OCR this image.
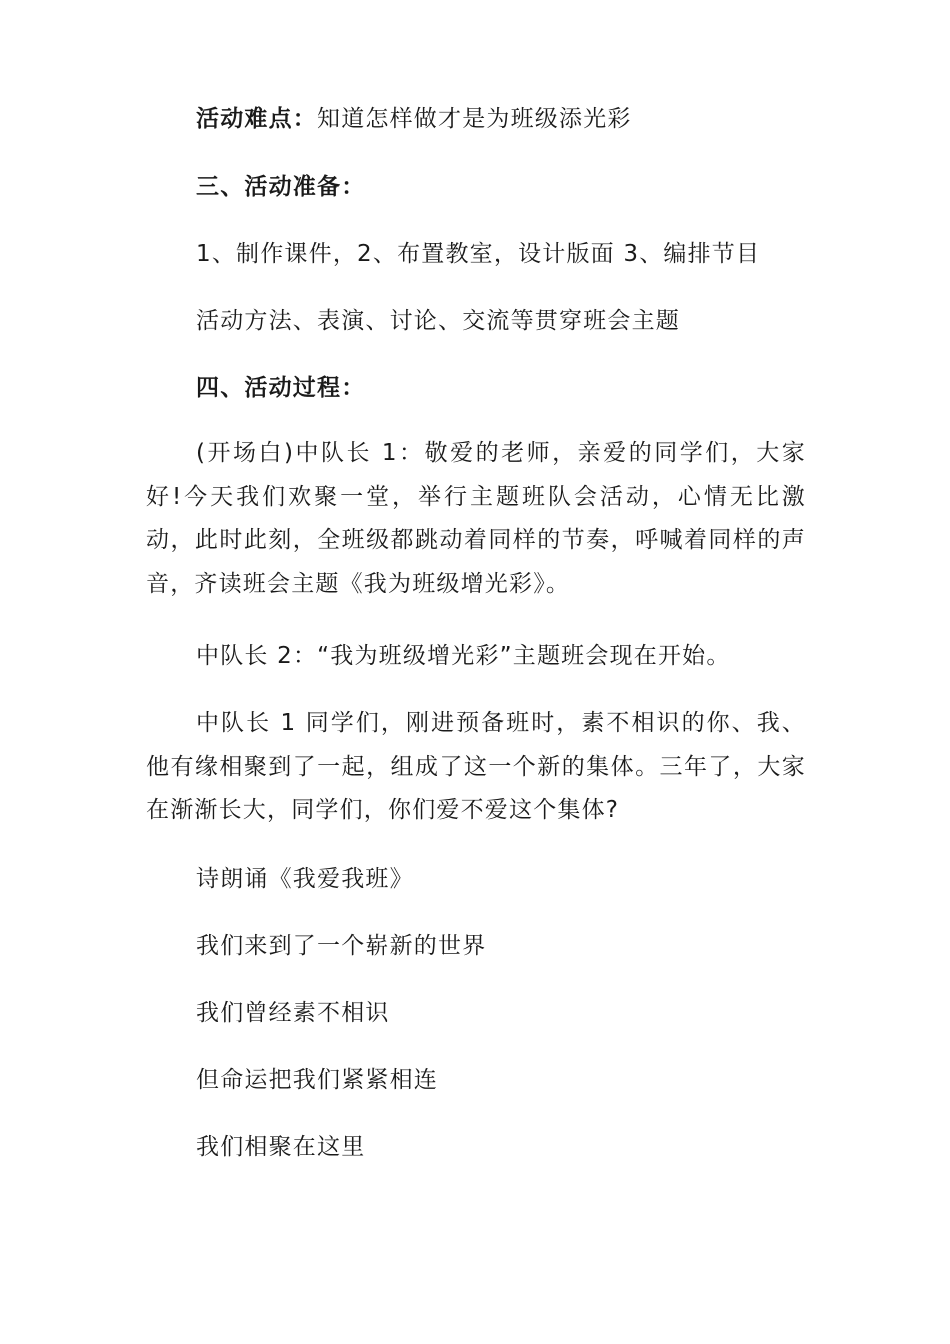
活动难点：知道怎样做才是为班级添光彩
三、活动准备：
1、制作课件，2、布置教室，设计版面 3、编排节目
活动方法、表演、讨论、交流等贯穿班会主题
四、活动过程：
(开场白)中队长 1：敬爱的老师，亲爱的同学们，大家好!今天我们欢聚一堂，举行主题班队会活动，心情无比激动，此时此刻，全班级都跳动着同样的节奏，呼喊着同样的声音，齐读班会主题《我为班级增光彩》。
中队长 2：“我为班级增光彩”主题班会现在开始。
中队长 1 同学们，刚进预备班时，素不相识的你、我、他有缘相聚到了一起，组成了这一个新的集体。三年了，大家在渐渐长大，同学们，你们爱不爱这个集体?
诗朗诵《我爱我班》
我们来到了一个崭新的世界
我们曾经素不相识
但命运把我们紧紧相连
我们相聚在这里
